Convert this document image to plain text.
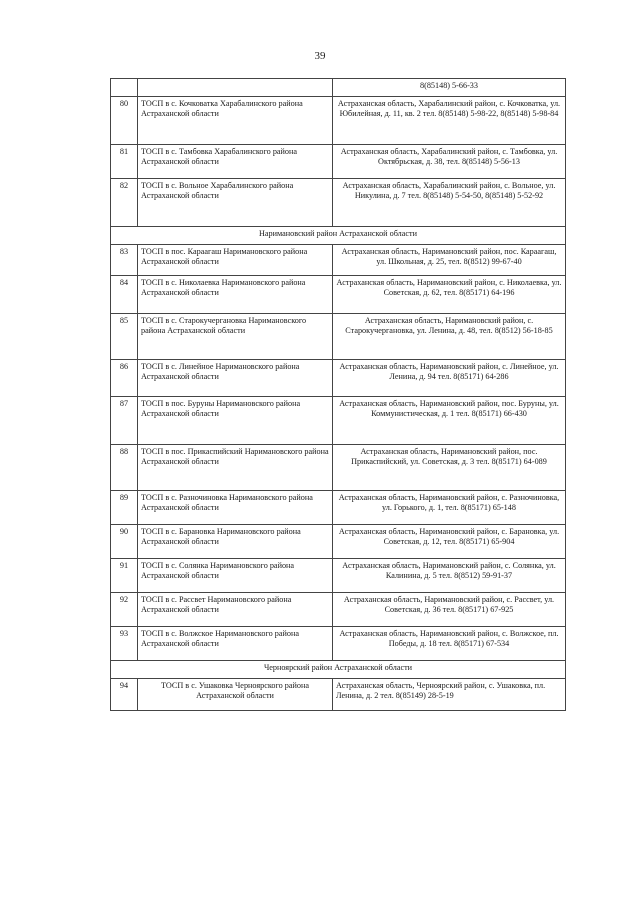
39
		8(85148) 5-66-33
80	ТОСП в с. Кочковатка Харабалинского района Астраханской области	Астраханская область, Харабалинский район, с. Кочковатка, ул. Юбилейная, д. 11, кв. 2 тел. 8(85148) 5-98-22, 8(85148) 5-98-84
81	ТОСП в с. Тамбовка Харабалинского района Астраханской области	Астраханская область, Харабалинский район, с. Тамбовка, ул. Октябрьская, д. 38, тел. 8(85148) 5-56-13
82	ТОСП в с. Вольное Харабалинского района Астраханской области	Астраханская область, Харабалинский район, с. Вольное, ул. Никулина, д. 7 тел. 8(85148) 5-54-50, 8(85148) 5-52-92
Наримановский район Астраханской области		
83	ТОСП в пос. Караагаш Наримановского района Астраханской области	Астраханская область, Наримановский район, пос. Караагаш, ул. Школьная, д. 25, тел. 8(8512) 99-67-40
84	ТОСП в с. Николаевка Наримановского района Астраханской области	Астраханская область, Наримановский район, с. Николаевка, ул. Советская, д. 62, тел. 8(85171) 64-196
85	ТОСП в с. Старокучергановка Наримановского района Астраханской области	Астраханская область, Наримановский район, с. Старокучергановка, ул. Ленина, д. 48, тел. 8(8512) 56-18-85
86	ТОСП в с. Линейное Наримановского района Астраханской области	Астраханская область, Наримановский район, с. Линейное, ул. Ленина, д. 94 тел. 8(85171) 64-286
87	ТОСП в пос. Буруны Наримановского района Астраханской области	Астраханская область, Наримановский район, пос. Буруны, ул. Коммунистическая, д. 1 тел. 8(85171) 66-430
88	ТОСП в пос. Прикаспийский Наримановского района Астраханской области	Астраханская область, Наримановский район, пос. Прикаспийский, ул. Советская, д. 3 тел. 8(85171) 64-089
89	ТОСП в с. Разночиновка Наримановского района Астраханской области	Астраханская область, Наримановский район, с. Разночиновка, ул. Горького, д. 1, тел. 8(85171) 65-148
90	ТОСП в с. Барановка Наримановского района Астраханской области	Астраханская область, Наримановский район, с. Барановка, ул. Советская, д. 12, тел. 8(85171) 65-904
91	ТОСП в с. Солянка Наримановского района Астраханской области	Астраханская область, Наримановский район, с. Солянка, ул. Калинина, д. 5 тел. 8(8512) 59-91-37
92	ТОСП в с. Рассвет Наримановского района Астраханской области	Астраханская область, Наримановский район, с. Рассвет, ул. Советская, д. 36 тел. 8(85171) 67-925
93	ТОСП в с. Волжское Наримановского района Астраханской области	Астраханская область, Наримановский район, с. Волжское, пл. Победы, д. 18 тел. 8(85171) 67-534
Черноярский район Астраханской области		
94	ТОСП в с. Ушаковка Черноярского района Астраханской области	Астраханская область, Черноярский район, с. Ушаковка, пл. Ленина, д. 2 тел. 8(85149) 28-5-19
